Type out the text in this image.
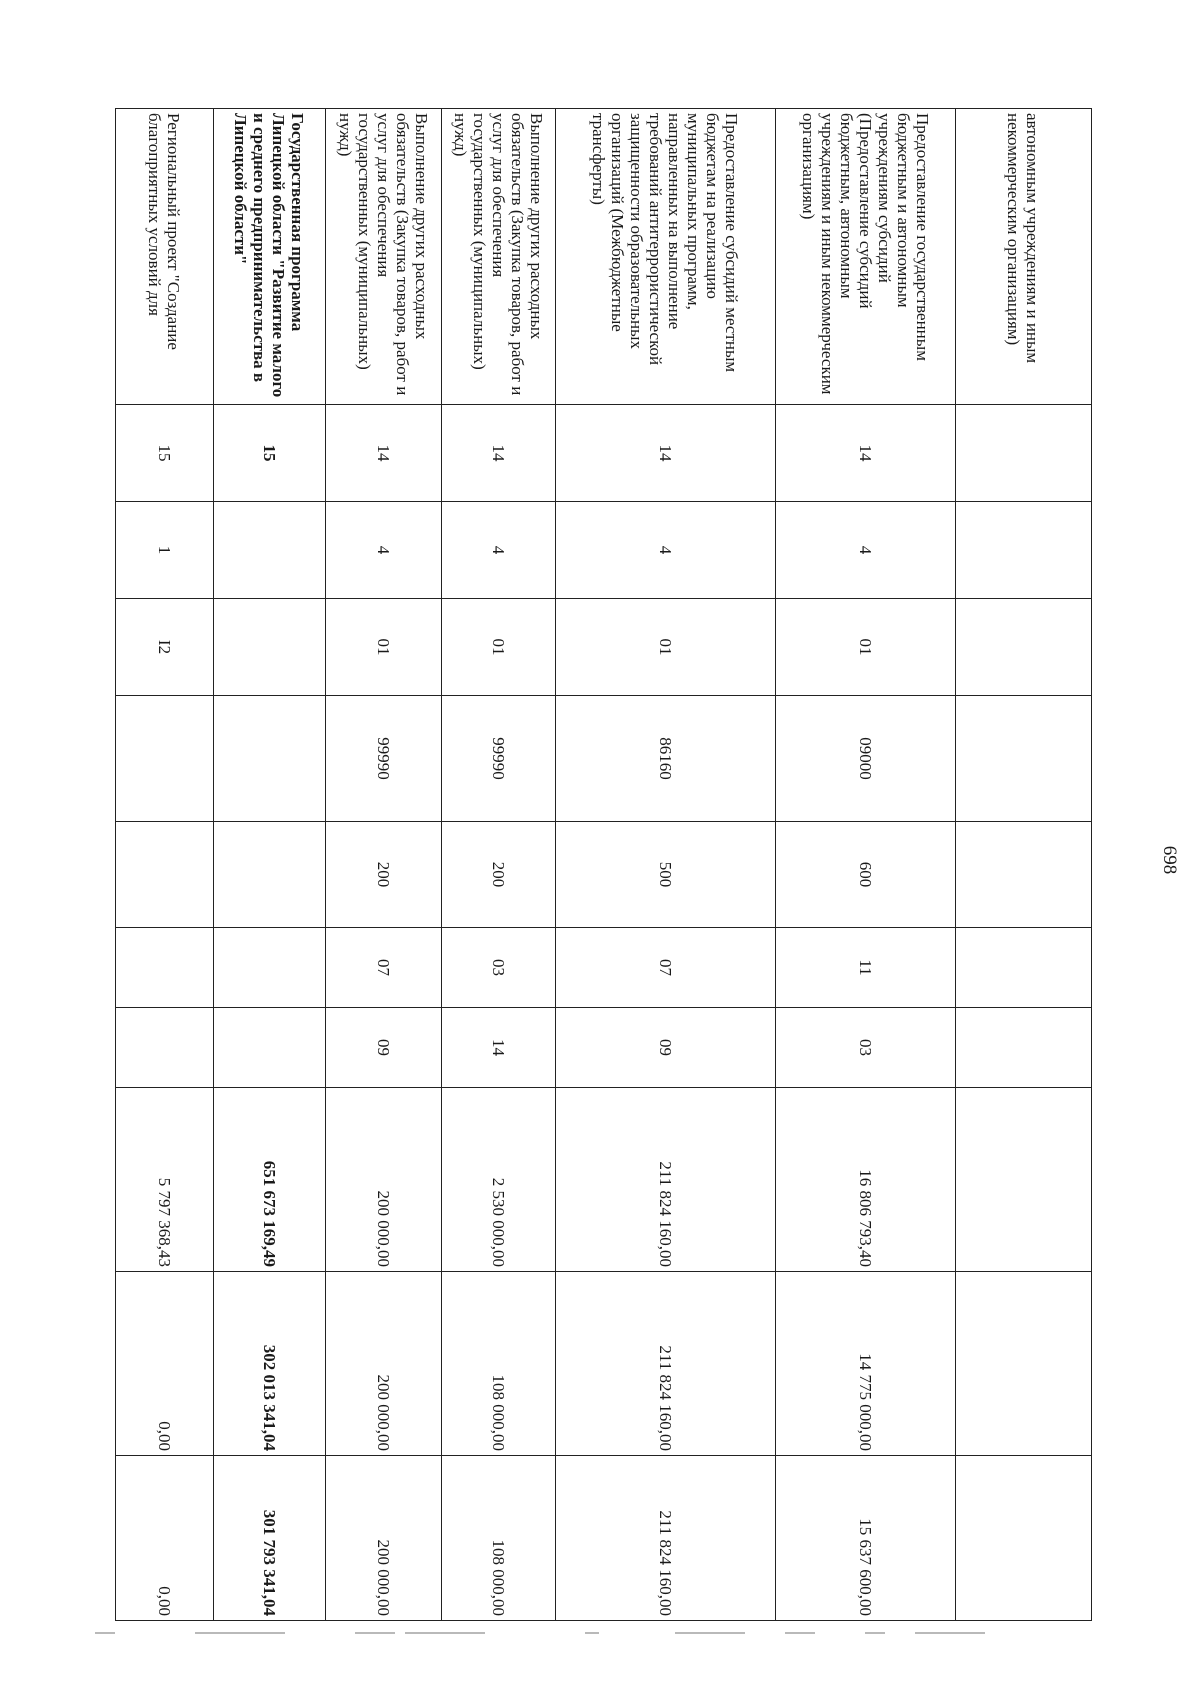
698
автономным учреждениям и иным некоммерческим организациям)										
Предоставление государственным бюджетным и автономным учреждениям субсидий (Предоставление субсидий бюджетным, автономным учреждениям и иным некоммерческим организациям)	14	4	01	09000	600	11	03	16 806 793,40	14 775 000,00	15 637 600,00
Предоставление субсидий местным бюджетам на реализацию муниципальных программ, направленных на выполнение требований антитеррористической защищенности образовательных организаций (Межбюджетные трансферты)	14	4	01	86160	500	07	09	211 824 160,00	211 824 160,00	211 824 160,00
Выполнение других расходных обязательств (Закупка товаров, работ и услуг для обеспечения государственных (муниципальных) нужд)	14	4	01	99990	200	03	14	2 530 000,00	108 000,00	108 000,00
Выполнение других расходных обязательств (Закупка товаров, работ и услуг для обеспечения государственных (муниципальных) нужд)	14	4	01	99990	200	07	09	200 000,00	200 000,00	200 000,00
Государственная программа Липецкой области "Развитие малого и среднего предпринимательства в Липецкой области"	15							651 673 169,49	302 013 341,04	301 793 341,04
Региональный проект "Создание благоприятных условий для	15	1	I2					5 797 368,43	0,00	0,00
